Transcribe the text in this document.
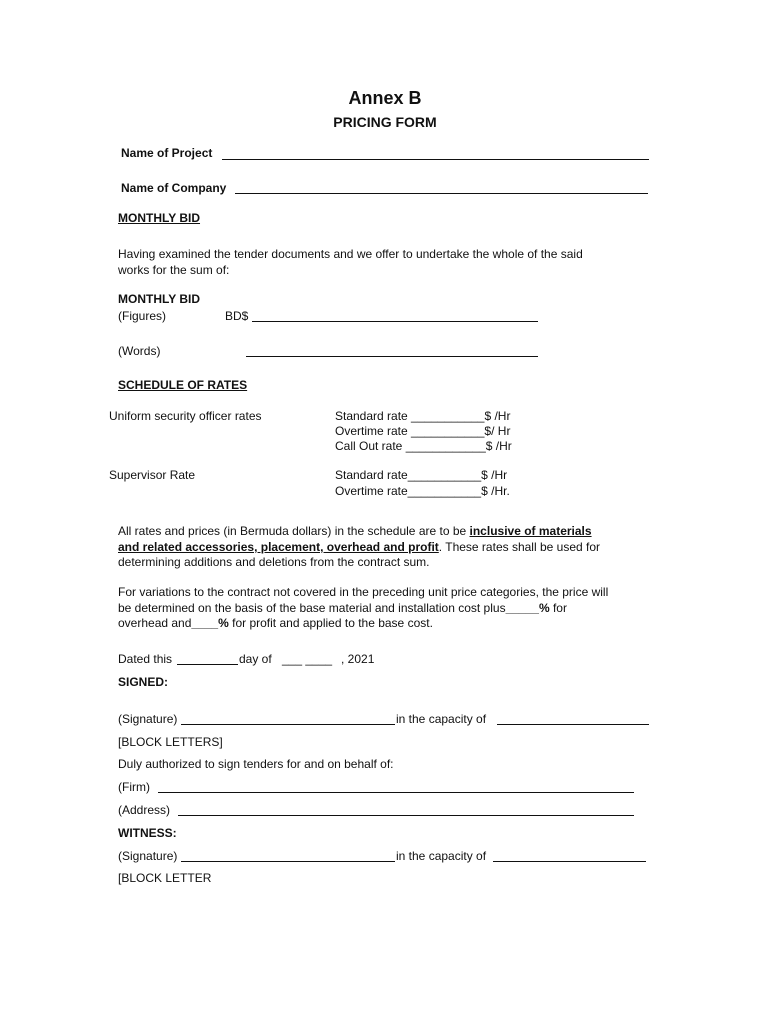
Annex B
PRICING FORM
Name of Project
Name of Company
MONTHLY BID
Having examined the tender documents and we offer to undertake the whole of the said
works for the sum of:
MONTHLY BID
(Figures)	BD$
(Words)
SCHEDULE OF RATES
Uniform security officer rates	Standard rate ___________$ /Hr
Overtime rate ___________$/ Hr
Call Out rate ____________$ /Hr
Supervisor Rate	Standard rate___________$ /Hr
Overtime rate___________$ /Hr.
All rates and prices (in Bermuda dollars) in the schedule are to be inclusive of materials
and related accessories, placement, overhead and profit. These rates shall be used for
determining additions and deletions from the contract sum.
For variations to the contract not covered in the preceding unit price categories, the price will
be determined on the basis of the base material and installation cost plus_____% for
overhead and____% for profit and applied to the base cost.
Dated this	day of ___ ____ , 2021
SIGNED:
(Signature)	in the capacity of
[BLOCK LETTERS]
Duly authorized to sign tenders for and on behalf of:
(Firm)
(Address)
WITNESS:
(Signature)	in the capacity of
[BLOCK LETTER
